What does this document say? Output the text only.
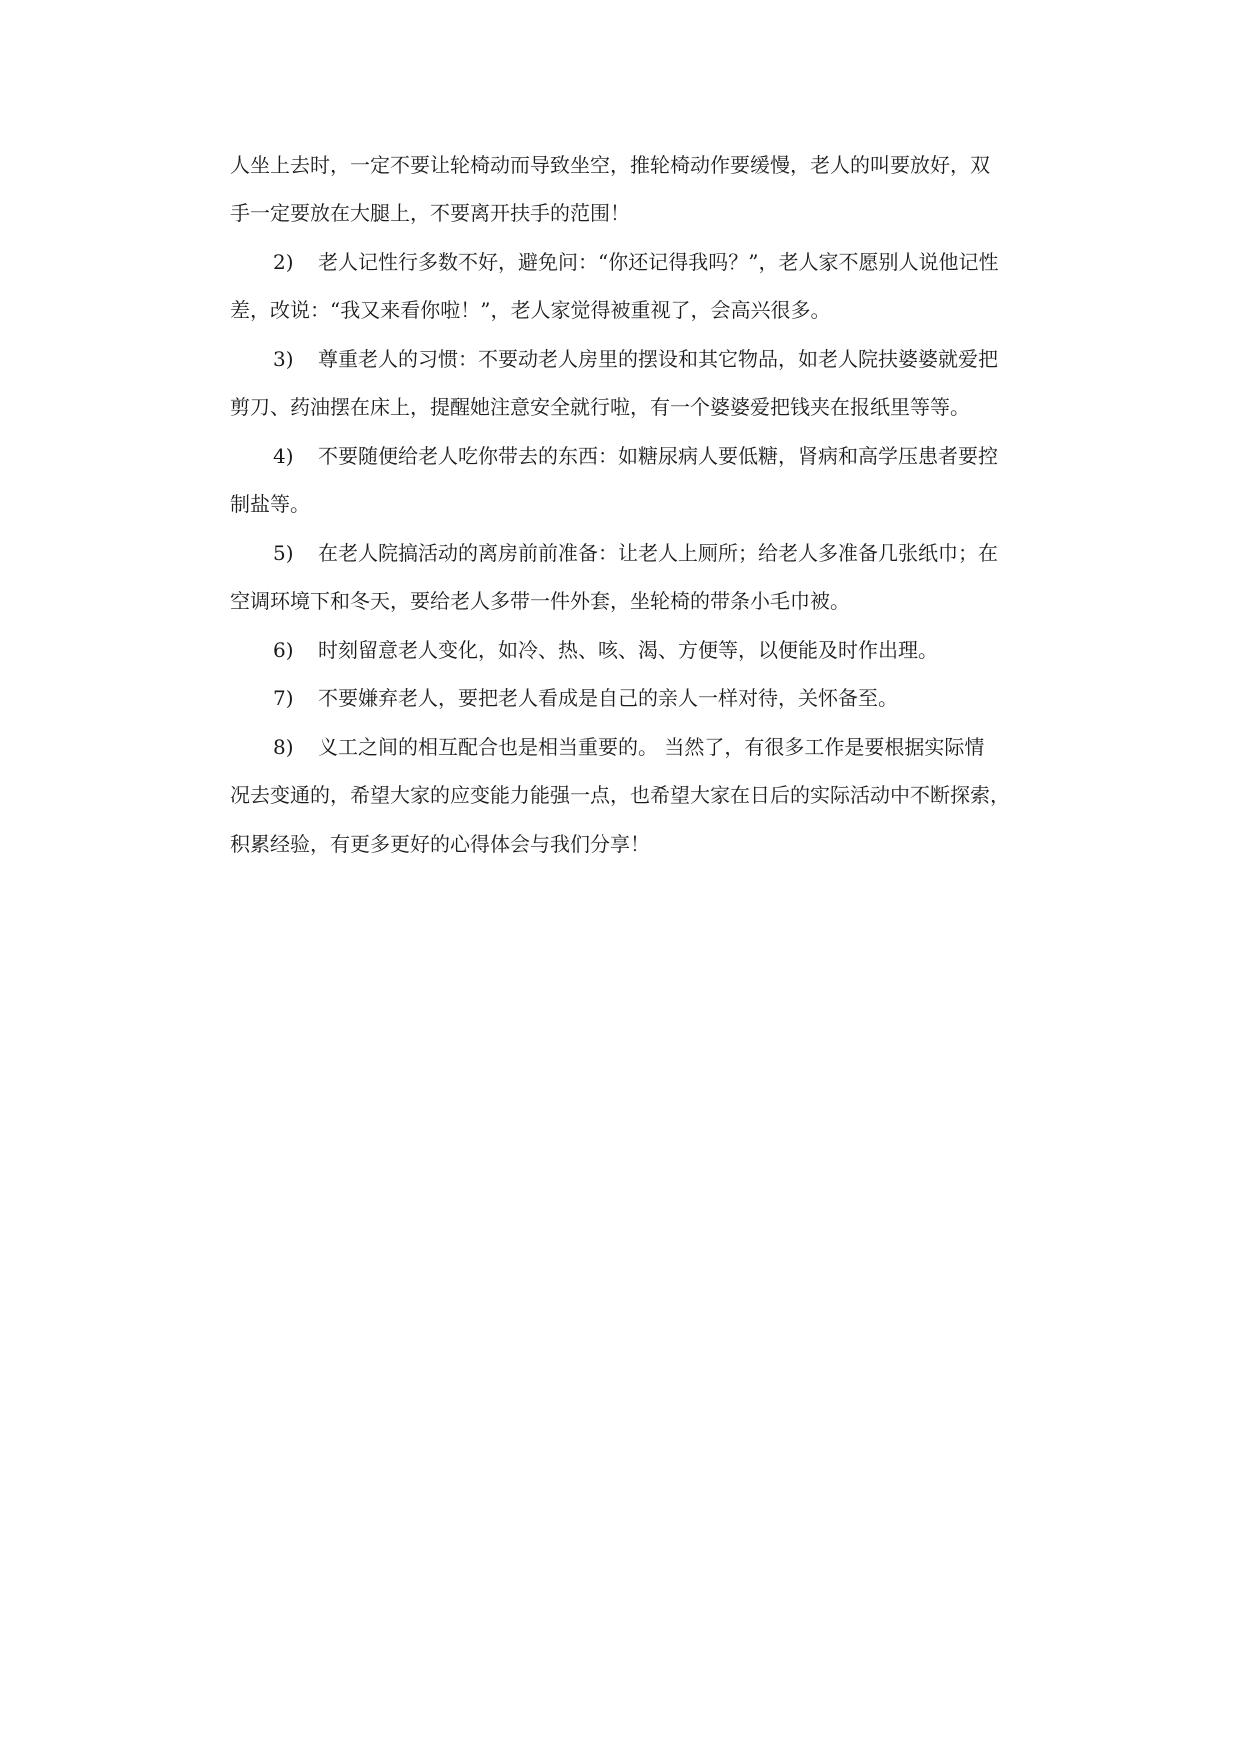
人坐上去时，一定不要让轮椅动而导致坐空，推轮椅动作要缓慢，老人的叫要放好，双
手一定要放在大腿上，不要离开扶手的范围！
2) 老人记性行多数不好，避免问：“你还记得我吗？”，老人家不愿别人说他记性
差，改说：“我又来看你啦！”，老人家觉得被重视了，会高兴很多。
3) 尊重老人的习惯：不要动老人房里的摆设和其它物品，如老人院扶婆婆就爱把
剪刀、药油摆在床上，提醒她注意安全就行啦，有一个婆婆爱把钱夹在报纸里等等。
4) 不要随便给老人吃你带去的东西：如糖尿病人要低糖，肾病和高学压患者要控
制盐等。
5) 在老人院搞活动的离房前前准备：让老人上厕所；给老人多准备几张纸巾；在
空调环境下和冬天，要给老人多带一件外套，坐轮椅的带条小毛巾被。
6) 时刻留意老人变化，如冷、热、咳、渴、方便等，以便能及时作出理。
7) 不要嫌弃老人，要把老人看成是自己的亲人一样对待，关怀备至。
8) 义工之间的相互配合也是相当重要的。 当然了，有很多工作是要根据实际情
况去变通的，希望大家的应变能力能强一点，也希望大家在日后的实际活动中不断探索，
积累经验，有更多更好的心得体会与我们分享！
